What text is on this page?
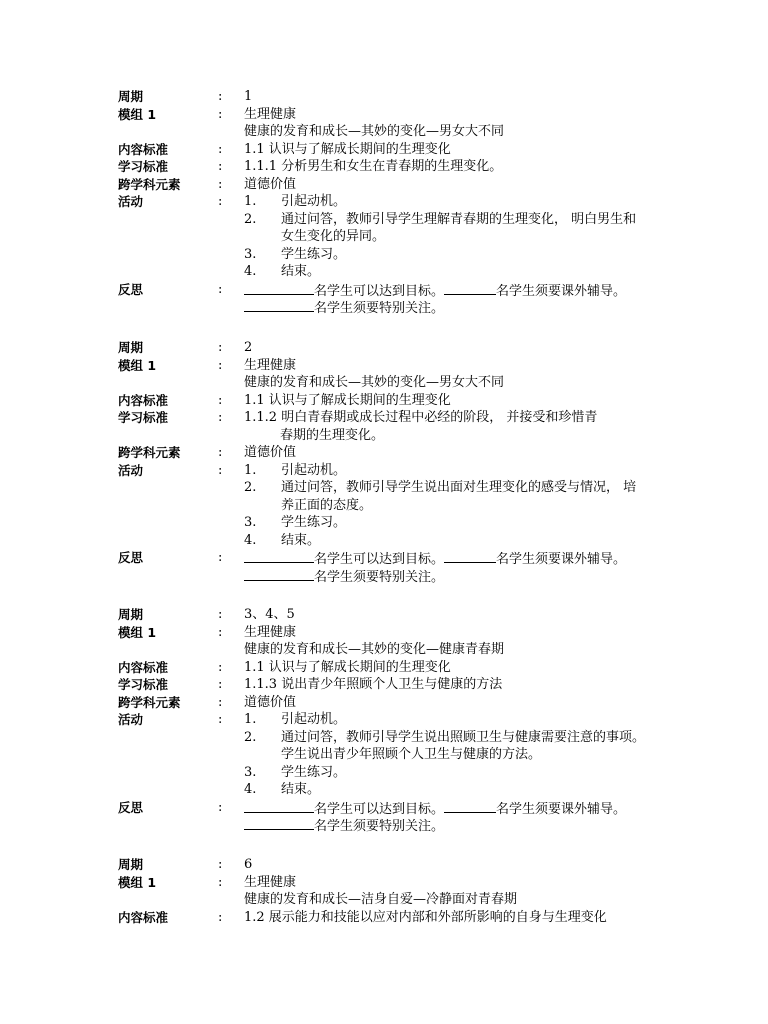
周期	: 1
模组 1	: 生理健康
健康的发育和成长—其妙的变化—男女大不同
内容标准	: 1.1 认识与了解成长期间的生理变化
学习标准	: 1.1.1 分析男生和女生在青春期的生理变化。
跨学科元素	: 道德价值
活动	: 1. 引起动机。
2. 通过问答，教师引导学生理解青春期的生理变化， 明白男生和
女生变化的异同。
3. 学生练习。
4. 结束。
反思	:	名学生可以达到目标。	名学生须要课外辅导。
名学生须要特别关注。
周期	: 2
模组 1	: 生理健康
健康的发育和成长—其妙的变化—男女大不同
内容标准	: 1.1 认识与了解成长期间的生理变化
学习标准	: 1.1.2 明白青春期或成长过程中必经的阶段， 并接受和珍惜青
春期的生理变化。
跨学科元素	: 道德价值
活动	: 1. 引起动机。
2. 通过问答，教师引导学生说出面对生理变化的感受与情况， 培
养正面的态度。
3. 学生练习。
4. 结束。
反思	:	名学生可以达到目标。	名学生须要课外辅导。
名学生须要特别关注。
周期	: 3、4、5
模组 1	: 生理健康
健康的发育和成长—其妙的变化—健康青春期
内容标准	: 1.1 认识与了解成长期间的生理变化
学习标准	: 1.1.3 说出青少年照顾个人卫生与健康的方法
跨学科元素	: 道德价值
活动	: 1. 引起动机。
2. 通过问答，教师引导学生说出照顾卫生与健康需要注意的事项。
学生说出青少年照顾个人卫生与健康的方法。
3. 学生练习。
4. 结束。
反思	:	名学生可以达到目标。	名学生须要课外辅导。
名学生须要特别关注。
周期	: 6
模组 1	: 生理健康
健康的发育和成长—洁身自爱—冷静面对青春期
内容标准	: 1.2 展示能力和技能以应对内部和外部所影响的自身与生理变化
